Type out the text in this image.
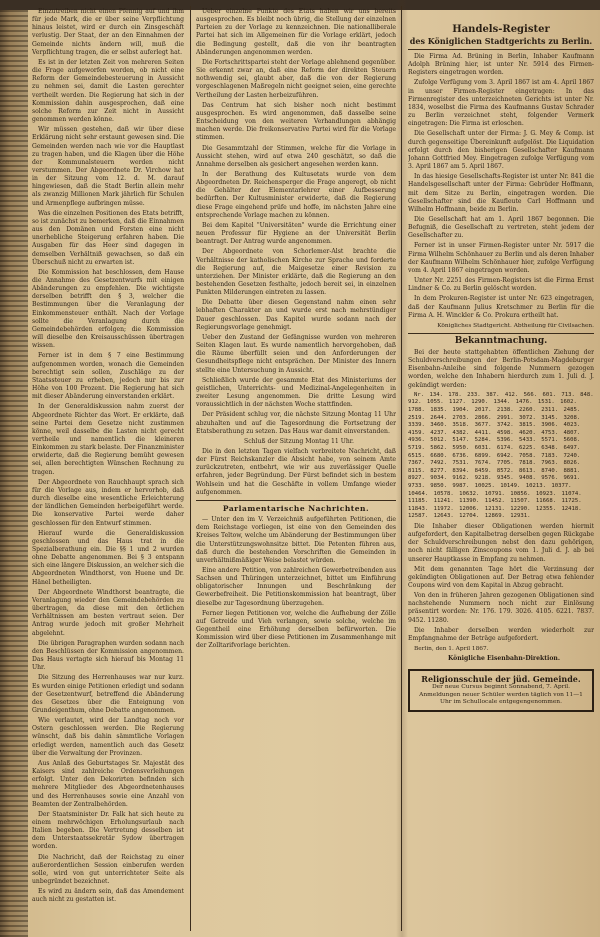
Einzutreiben nicht einen Pfennig auf und ihm für jede Mark, die er über seine Verpflichtung hinaus leistet, wird er durch ein Zinsgeschäft verlustig. Der Staat, der an den Einnahmen der Gemeinde nichts ändern will, muß die Verpflichtung tragen, die er selbst auferlegt hat.

Es ist in der letzten Zeit von mehreren Seiten die Frage aufgeworfen worden, ob nicht eine Reform der Gemeindebesteuerung in Aussicht zu nehmen sei, damit die Lasten gerechter vertheilt werden. Die Regierung hat sich in der Kommission dahin ausgesprochen, daß eine solche Reform zur Zeit nicht in Aussicht genommen werden könne.

Wir müssen gestehen, daß wir über diese Erklärung nicht sehr erstaunt gewesen sind. Die Gemeinden werden nach wie vor die Hauptlast zu tragen haben, und die Klagen über die Höhe der Kommunalsteuern werden nicht verstummen. Der Abgeordnete Dr. Virchow hat in der Sitzung vom 12. d. M. darauf hingewiesen, daß die Stadt Berlin allein mehr als zwanzig Millionen Mark jährlich für Schulen und Armenpflege aufbringen müsse.

Was die einzelnen Positionen des Etats betrifft, so ist zunächst zu bemerken, daß die Einnahmen aus den Domänen und Forsten eine nicht unerhebliche Steigerung erfahren haben. Die Ausgaben für das Heer sind dagegen in demselben Verhältniß gewachsen, so daß ein Überschuß nicht zu erwarten ist.

Die Kommission hat beschlossen, dem Hause die Annahme des Gesetzentwurfs mit einigen Abänderungen zu empfehlen. Die wichtigste derselben betrifft den § 3, welcher die Bestimmungen über die Veranlagung der Einkommensteuer enthält. Nach der Vorlage sollte die Veranlagung durch die Gemeindebehörden erfolgen; die Kommission will dieselbe den Kreisausschüssen übertragen wissen.

Ferner ist in dem § 7 eine Bestimmung aufgenommen worden, wonach die Gemeinden berechtigt sein sollen, Zuschläge zu der Staatssteuer zu erheben, jedoch nur bis zur Höhe von 100 Prozent. Die Regierung hat sich mit dieser Abänderung einverstanden erklärt.

In der Generaldiskussion nahm zuerst der Abgeordnete Richter das Wort. Er erklärte, daß seine Partei dem Gesetze nicht zustimmen könne, weil dasselbe die Lasten nicht gerecht vertheile und namentlich die kleineren Einkommen zu stark belaste. Der Finanzminister erwiderte, daß die Regierung bemüht gewesen sei, allen berechtigten Wünschen Rechnung zu tragen.

Der Abgeordnete von Rauchhaupt sprach sich für die Vorlage aus, indem er hervorhob, daß durch dieselbe eine wesentliche Erleichterung der ländlichen Gemeinden herbeigeführt werde. Die konservative Partei werde daher geschlossen für den Entwurf stimmen.

Hierauf wurde die Generaldiskussion geschlossen und das Haus trat in die Spezialberathung ein. Die §§ 1 und 2 wurden ohne Debatte angenommen. Bei § 3 entspann sich eine längere Diskussion, an welcher sich die Abgeordneten Windthorst, von Huene und Dr. Hänel betheiligten.

Der Abgeordnete Windthorst beantragte, die Veranlagung wieder den Gemeindebehörden zu übertragen, da diese mit den örtlichen Verhältnissen am besten vertraut seien. Der Antrag wurde jedoch mit großer Mehrheit abgelehnt.

Die übrigen Paragraphen wurden sodann nach den Beschlüssen der Kommission angenommen. Das Haus vertagte sich hierauf bis Montag 11 Uhr.

Die Sitzung des Herrenhauses war nur kurz. Es wurden einige Petitionen erledigt und sodann der Gesetzentwurf, betreffend die Abänderung des Gesetzes über die Enteignung von Grundeigenthum, ohne Debatte angenommen.

Wie verlautet, wird der Landtag noch vor Ostern geschlossen werden. Die Regierung wünscht, daß bis dahin sämmtliche Vorlagen erledigt werden, namentlich auch das Gesetz über die Verwaltung der Provinzen.

Aus Anlaß des Geburtstages Sr. Majestät des Kaisers sind zahlreiche Ordensverleihungen erfolgt. Unter den Dekorirten befinden sich mehrere Mitglieder des Abgeordnetenhauses und des Herrenhauses sowie eine Anzahl von Beamten der Zentralbehörden.

Der Staatsminister Dr. Falk hat sich heute zu einem mehrwöchigen Erholungsurlaub nach Italien begeben. Die Vertretung desselben ist dem Unterstaatssekretär Sydow übertragen worden.

Die Nachricht, daß der Reichstag zu einer außerordentlichen Session einberufen werden solle, wird von gut unterrichteter Seite als unbegründet bezeichnet.

Es wird zu ändern sein, daß das Amendement auch nicht zu gestatten ist.

Ueber einzelne Punkte des Etats haben wir uns bereits ausgesprochen. Es bleibt noch übrig, die Stellung der einzelnen Parteien zu der Vorlage zu kennzeichnen. Die nationalliberale Partei hat sich im Allgemeinen für die Vorlage erklärt, jedoch die Bedingung gestellt, daß die von ihr beantragten Abänderungen angenommen werden.

Die Fortschrittspartei steht der Vorlage ablehnend gegenüber. Sie erkennt zwar an, daß eine Reform der direkten Steuern nothwendig sei, glaubt aber, daß die von der Regierung vorgeschlagenen Maßregeln nicht geeignet seien, eine gerechte Vertheilung der Lasten herbeizuführen.

Das Centrum hat sich bisher noch nicht bestimmt ausgesprochen. Es wird angenommen, daß dasselbe seine Entscheidung von den weiteren Verhandlungen abhängig machen werde. Die freikonservative Partei wird für die Vorlage stimmen.

Die Gesammtzahl der Stimmen, welche für die Vorlage in Aussicht stehen, wird auf etwa 240 geschätzt, so daß die Annahme derselben als gesichert angesehen werden kann.

In der Berathung des Kultusetats wurde von dem Abgeordneten Dr. Reichensperger die Frage angeregt, ob nicht die Gehälter der Elementarlehrer einer Aufbesserung bedürften. Der Kultusminister erwiderte, daß die Regierung diese Frage eingehend prüfe und hoffe, im nächsten Jahre eine entsprechende Vorlage machen zu können.

Bei dem Kapitel "Universitäten" wurde die Errichtung einer neuen Professur für Hygiene an der Universität Berlin beantragt. Der Antrag wurde angenommen.

Der Abgeordnete von Schorlemer-Alst brachte die Verhältnisse der katholischen Kirche zur Sprache und forderte die Regierung auf, die Maigesetze einer Revision zu unterziehen. Der Minister erklärte, daß die Regierung an den bestehenden Gesetzen festhalte, jedoch bereit sei, in einzelnen Punkten Milderungen eintreten zu lassen.

Die Debatte über diesen Gegenstand nahm einen sehr lebhaften Charakter an und wurde erst nach mehrstündiger Dauer geschlossen. Das Kapitel wurde sodann nach der Regierungsvorlage genehmigt.

Ueber den Zustand der Gefängnisse wurden von mehreren Seiten Klagen laut. Es wurde namentlich hervorgehoben, daß die Räume überfüllt seien und den Anforderungen der Gesundheitspflege nicht entsprächen. Der Minister des Innern stellte eine Untersuchung in Aussicht.

Schließlich wurde der gesammte Etat des Ministeriums der geistlichen, Unterrichts- und Medizinal-Angelegenheiten in zweiter Lesung angenommen. Die dritte Lesung wird voraussichtlich in der nächsten Woche stattfinden.

Der Präsident schlug vor, die nächste Sitzung Montag 11 Uhr abzuhalten und auf die Tagesordnung die Fortsetzung der Etatsberathung zu setzen. Das Haus war damit einverstanden.

Schluß der Sitzung Montag 11 Uhr.

Die in den letzten Tagen vielfach verbreitete Nachricht, daß der Fürst Reichskanzler die Absicht habe, von seinem Amte zurückzutreten, entbehrt, wie wir aus zuverlässiger Quelle erfahren, jeder Begründung. Der Fürst befindet sich in bestem Wohlsein und hat die Geschäfte in vollem Umfange wieder aufgenommen.

Parlamentarische Nachrichten.

— Unter den im V. Verzeichniß aufgeführten Petitionen, die dem Reichstage vorliegen, ist eine von den Gemeinden des Kreises Teltow, welche um Abänderung der Bestimmungen über die Unterstützungswohnsitze bittet. Die Petenten führen aus, daß durch die bestehenden Vorschriften die Gemeinden in unverhältnißmäßiger Weise belastet würden.

Eine andere Petition, von zahlreichen Gewerbetreibenden aus Sachsen und Thüringen unterzeichnet, bittet um Einführung obligatorischer Innungen und Beschränkung der Gewerbefreiheit. Die Petitionskommission hat beantragt, über dieselbe zur Tagesordnung überzugehen.

Ferner liegen Petitionen vor, welche die Aufhebung der Zölle auf Getreide und Vieh verlangen, sowie solche, welche im Gegentheil eine Erhöhung derselben befürworten. Die Kommission wird über diese Petitionen im Zusammenhange mit der Zolltarifvorlage berichten.

Handels-Register
des Königlichen Stadtgerichts zu Berlin.

Die Firma Ad. Brüning in Berlin, Inhaber Kaufmann Adolph Brüning hier, ist unter Nr. 5914 des Firmen-Registers eingetragen worden.

Zufolge Verfügung vom 3. April 1867 ist am 4. April 1867 in unser Firmen-Register eingetragen: In das Firmenregister des unterzeichneten Gerichts ist unter Nr. 1834, woselbst die Firma des Kaufmanns Gustav Schrader zu Berlin verzeichnet steht, folgender Vermerk eingetragen: Die Firma ist erloschen.

Die Gesellschaft unter der Firma: J. G. Mey & Comp. ist durch gegenseitige Übereinkunft aufgelöst. Die Liquidation erfolgt durch den bisherigen Gesellschafter Kaufmann Johann Gottfried Mey. Eingetragen zufolge Verfügung vom 3. April 1867 am 5. April 1867.

In das hiesige Gesellschafts-Register ist unter Nr. 841 die Handelsgesellschaft unter der Firma: Gebrüder Hoffmann, mit dem Sitze zu Berlin, eingetragen worden. Die Gesellschafter sind die Kaufleute Carl Hoffmann und Wilhelm Hoffmann, beide zu Berlin.

Die Gesellschaft hat am 1. April 1867 begonnen. Die Befugniß, die Gesellschaft zu vertreten, steht jedem der Gesellschafter zu.

Ferner ist in unser Firmen-Register unter Nr. 5917 die Firma Wilhelm Schönhauer zu Berlin und als deren Inhaber der Kaufmann Wilhelm Schönhauer hier, zufolge Verfügung vom 4. April 1867 eingetragen worden.

Unter Nr. 2251 des Firmen-Registers ist die Firma Ernst Lindner & Co. zu Berlin gelöscht worden.

In dem Prokuren-Register ist unter Nr. 623 eingetragen, daß der Kaufmann Julius Kretschmer zu Berlin für die Firma A. H. Winckler & Co. Prokura ertheilt hat.

Königliches Stadtgericht. Abtheilung für Civilsachen.

Bekanntmachung.

Bei der heute stattgehabten öffentlichen Ziehung der Schuldverschreibungen der Berlin-Potsdam-Magdeburger Eisenbahn-Anleihe sind folgende Nummern gezogen worden, welche den Inhabern hierdurch zum 1. Juli d. J. gekündigt werden:

Nr. 134. 178. 233. 387. 412. 566. 601. 713. 848. 912. 1055. 1127. 1290. 1344. 1476. 1531. 1602. 1788. 1835. 1904. 2017. 2138. 2260. 2311. 2485. 2519. 2644. 2703. 2866. 2991. 3072. 3145. 3208. 3339. 3460. 3518. 3677. 3742. 3815. 3906. 4023. 4159. 4237. 4382. 4411. 4598. 4620. 4753. 4807. 4936. 5012. 5147. 5284. 5396. 5433. 5571. 5608. 5719. 5862. 5950. 6031. 6174. 6225. 6348. 6497. 6515. 6680. 6736. 6899. 6942. 7058. 7183. 7240. 7367. 7492. 7531. 7674. 7705. 7818. 7963. 8026. 8115. 8277. 8394. 8459. 8572. 8613. 8740. 8881. 8927. 9034. 9162. 9218. 9345. 9408. 9576. 9691. 9733. 9850. 9987. 10025. 10149. 10213. 10377. 10464. 10578. 10632. 10791. 10856. 10923. 11074. 11185. 11241. 11390. 11452. 11507. 11668. 11725. 11843. 11972. 12006. 12131. 12290. 12355. 12418. 12587. 12643. 12704. 12869. 12931.

Die Inhaber dieser Obligationen werden hiermit aufgefordert, den Kapitalbetrag derselben gegen Rückgabe der Schuldverschreibungen nebst den dazu gehörigen, noch nicht fälligen Zinscoupons vom 1. Juli d. J. ab bei unserer Hauptkasse in Empfang zu nehmen.

Mit dem genannten Tage hört die Verzinsung der gekündigten Obligationen auf. Der Betrag etwa fehlender Coupons wird von dem Kapital in Abzug gebracht.

Von den in früheren Jahren gezogenen Obligationen sind nachstehende Nummern noch nicht zur Einlösung präsentirt worden: Nr. 176. 179. 3026. 4105. 6221. 7837. 9452. 11280.

Die Inhaber derselben werden wiederholt zur Empfangnahme der Beträge aufgefordert.

Berlin, den 1. April 1867.

Königliche Eisenbahn-Direktion.

Religionsschule der jüd. Gemeinde.
Der neue Cursus beginnt Sonnabend, 7. April. Anmeldungen neuer Schüler werden täglich von 11—1 Uhr im Schullocale entgegengenommen.
